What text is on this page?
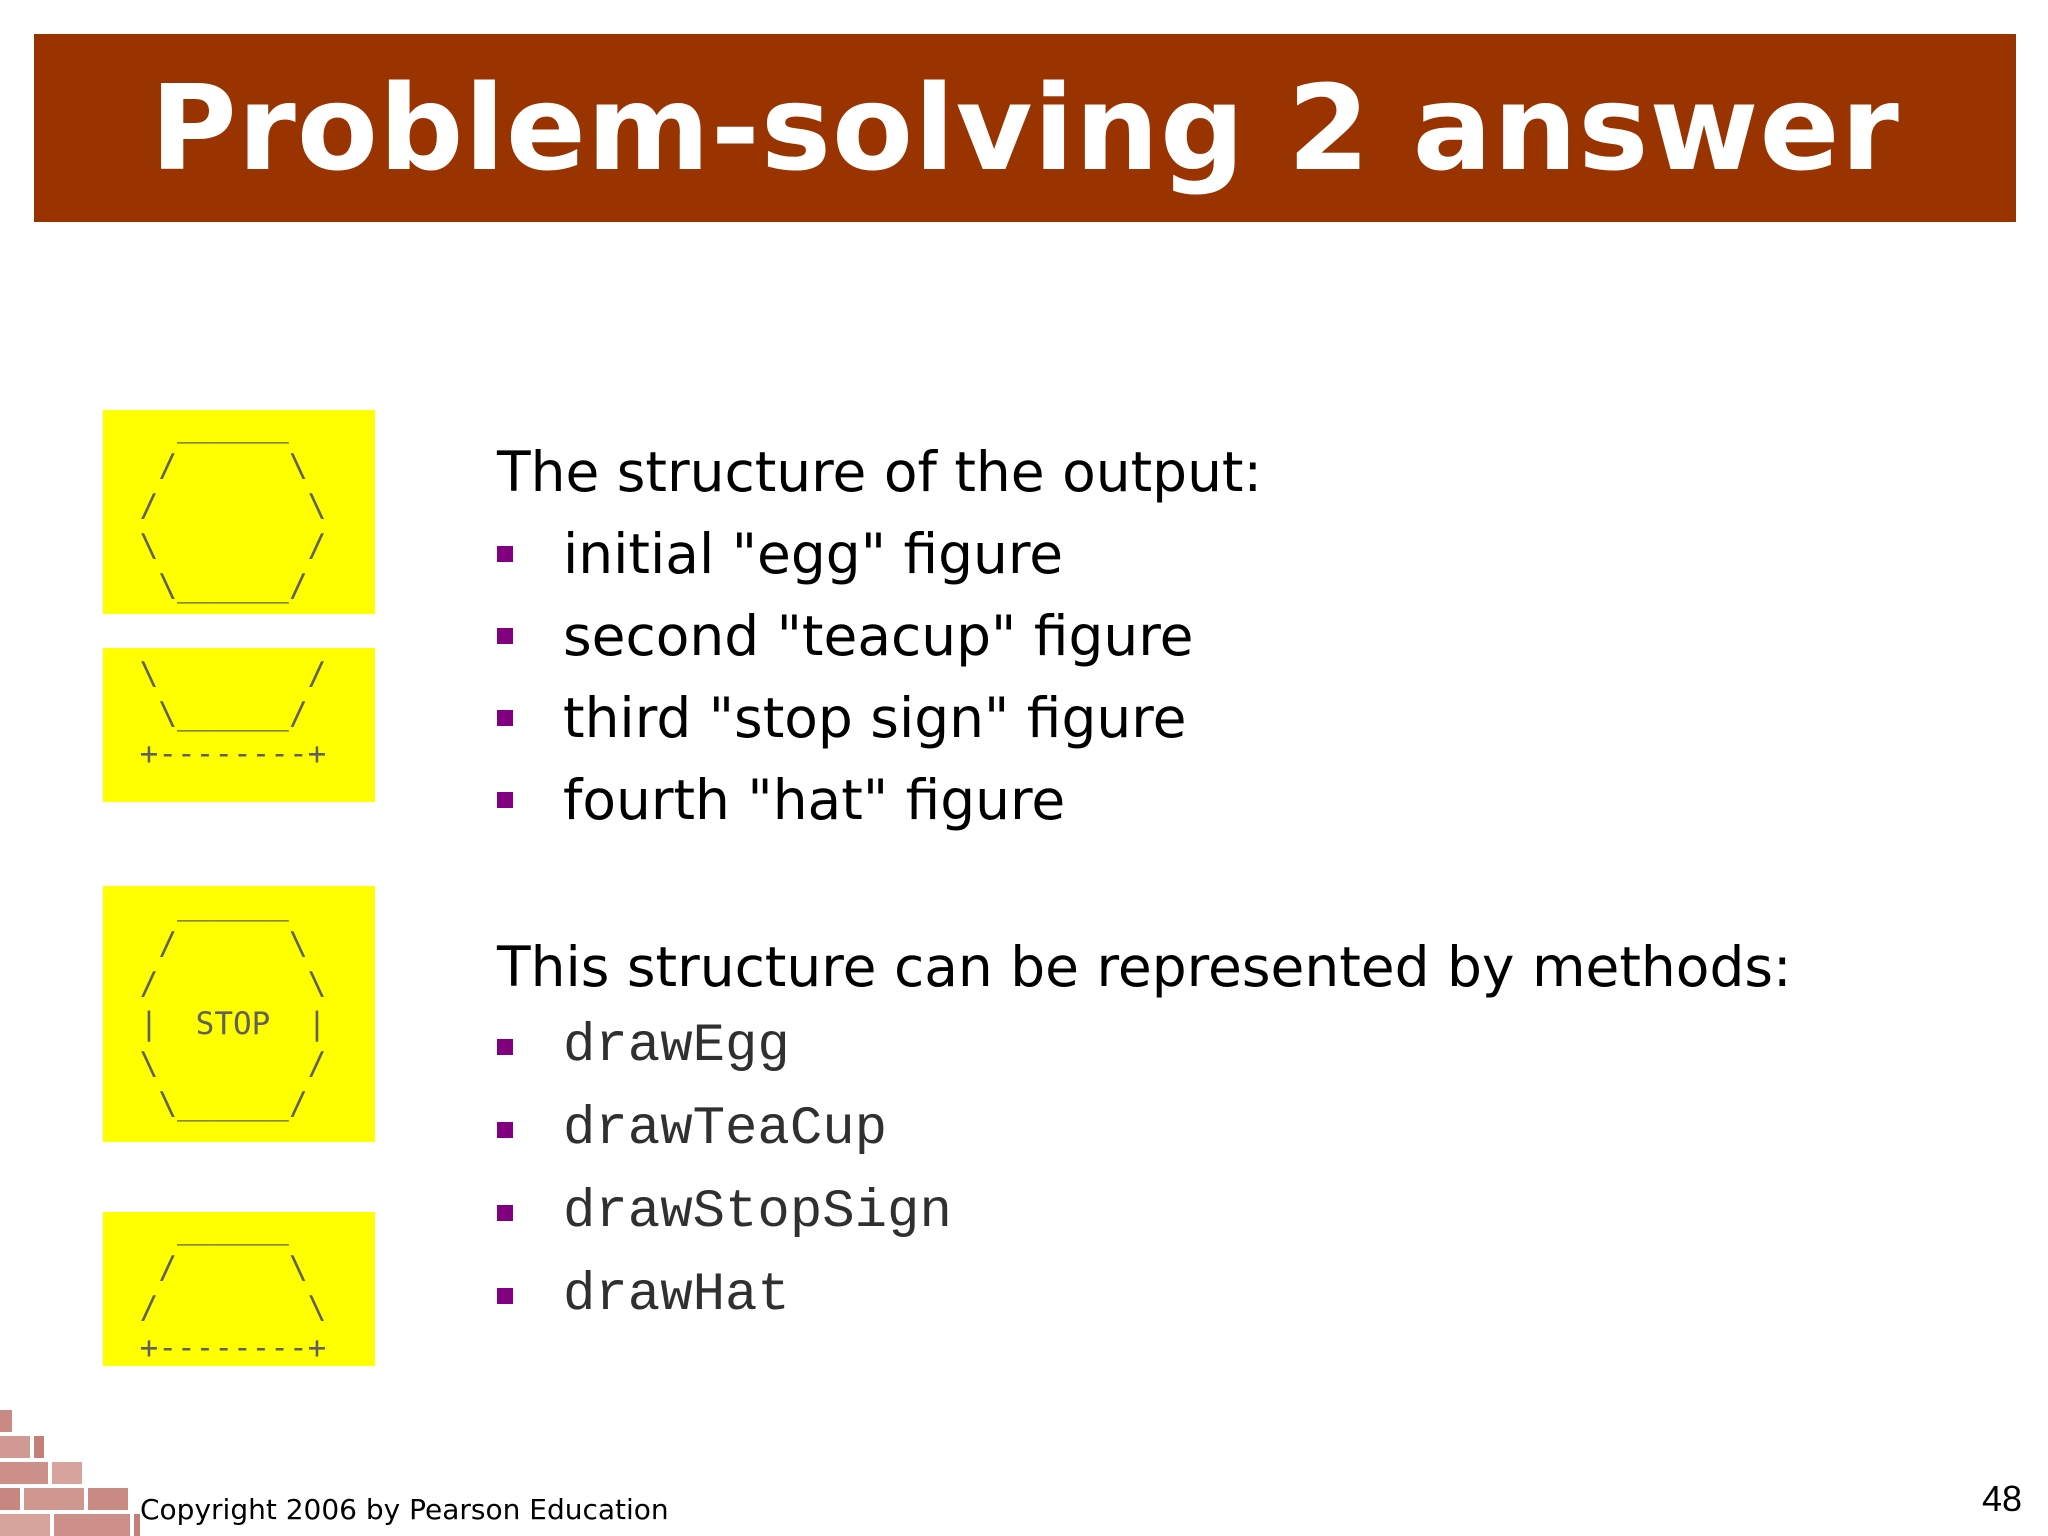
Problem-solving 2 answer
______
/      \
/        \
\        /
\______/
\        /
\______/
+--------+
______
/      \
/        \
|  STOP  |
\        /
\______/
______
/      \
/        \
+--------+
The structure of the output:
initial "egg" figure
second "teacup" figure
third "stop sign" figure
fourth "hat" figure
This structure can be represented by methods:
drawEgg
drawTeaCup
drawStopSign
drawHat
Copyright 2006 by Pearson Education	48
